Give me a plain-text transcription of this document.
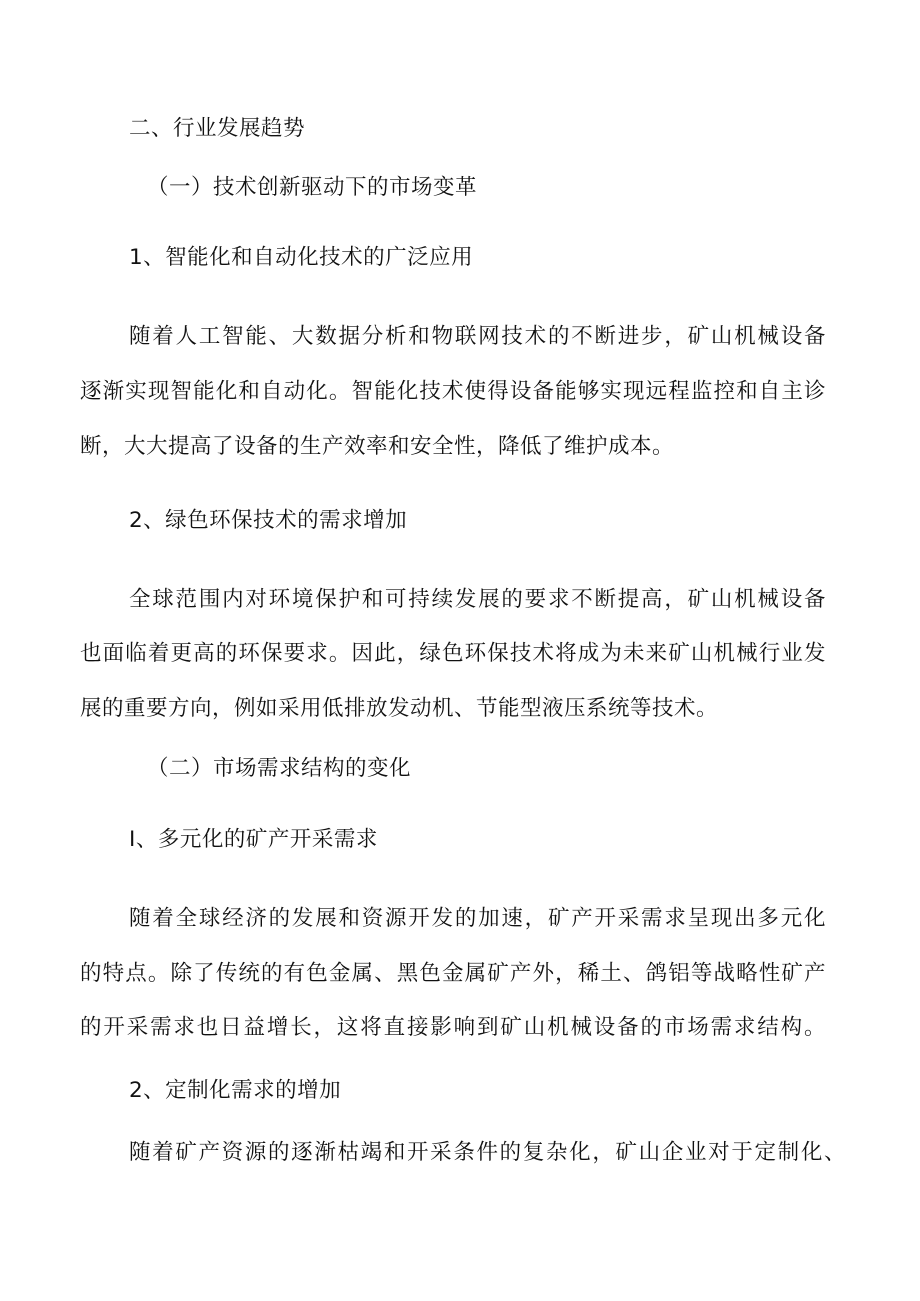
二、行业发展趋势
（一）技术创新驱动下的市场变革
1、智能化和自动化技术的广泛应用
随着人工智能、大数据分析和物联网技术的不断进步，矿山机械设备
逐渐实现智能化和自动化。智能化技术使得设备能够实现远程监控和自主诊
断，大大提高了设备的生产效率和安全性，降低了维护成本。
2、绿色环保技术的需求增加
全球范围内对环境保护和可持续发展的要求不断提高，矿山机械设备
也面临着更高的环保要求。因此，绿色环保技术将成为未来矿山机械行业发
展的重要方向，例如采用低排放发动机、节能型液压系统等技术。
（二）市场需求结构的变化
I、多元化的矿产开采需求
随着全球经济的发展和资源开发的加速，矿产开采需求呈现出多元化
的特点。除了传统的有色金属、黑色金属矿产外，稀土、鸽铝等战略性矿产
的开采需求也日益增长，这将直接影响到矿山机械设备的市场需求结构。
2、定制化需求的增加
随着矿产资源的逐渐枯竭和开采条件的复杂化，矿山企业对于定制化、
